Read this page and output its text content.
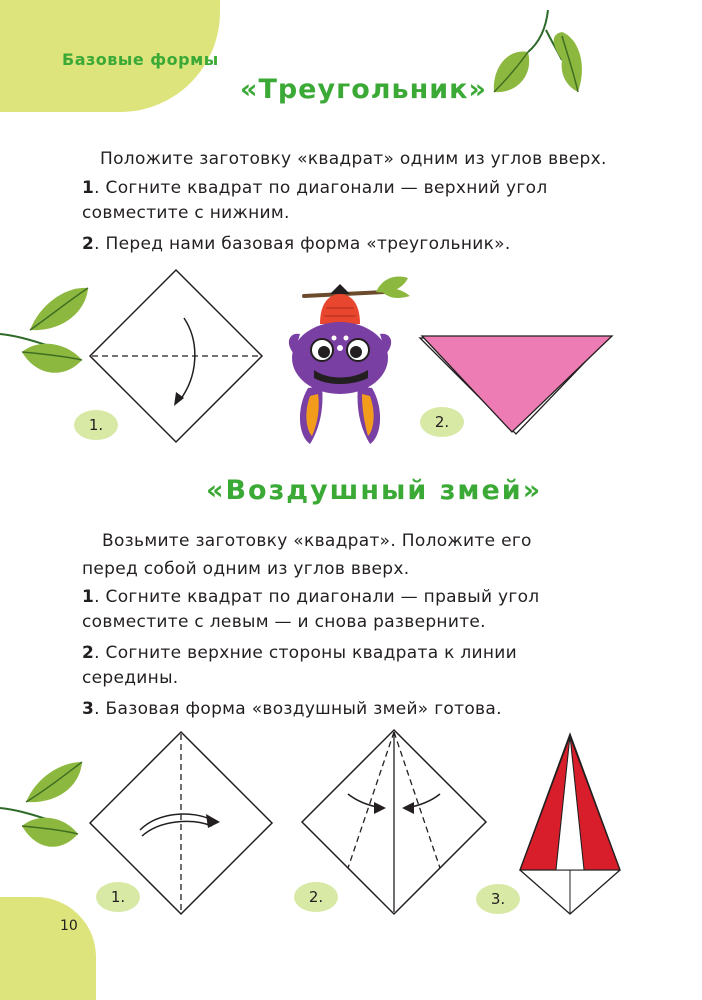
Базовые формы
«Треугольник»
Положите заготовку «квадрат» одним из углов вверх.
1. Согните квадрат по диагонали — верхний угол
совместите с нижним.
2. Перед нами базовая форма «треугольник».
1.	2.
«Воздушный змей»
Возьмите заготовку «квадрат». Положите его
перед собой одним из углов вверх.
1. Согните квадрат по диагонали — правый угол
совместите с левым — и снова разверните.
2. Согните верхние стороны квадрата к линии
середины.
3. Базовая форма «воздушный змей» готова.
1.	2.	3.
10
